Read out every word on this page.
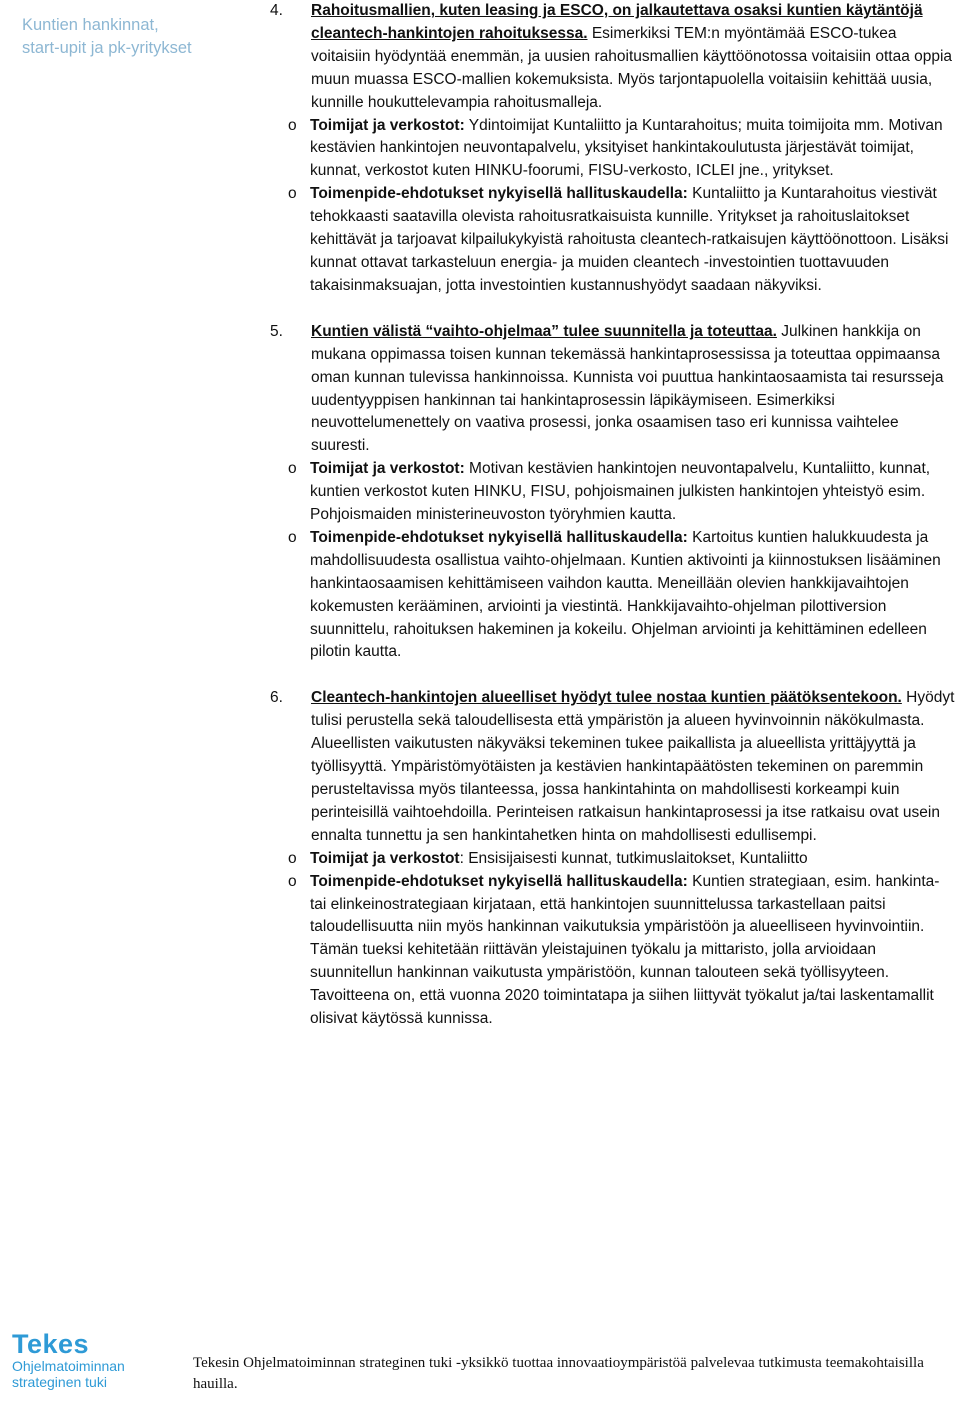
Kuntien hankinnat,
start-upit ja pk-yritykset
4. Rahoitusmallien, kuten leasing ja ESCO, on jalkautettava osaksi kuntien käytäntöjä cleantech-hankintojen rahoituksessa. Esimerkiksi TEM:n myöntämää ESCO-tukea voitaisiin hyödyntää enemmän, ja uusien rahoitusmallien käyttöönotossa voitaisiin ottaa oppia muun muassa ESCO-mallien kokemuksista. Myös tarjontapuolella voitaisiin kehittää uusia, kunnille houkuttelevampia rahoitusmalleja.

o Toimijat ja verkostot: Ydintoimijat Kuntaliitto ja Kuntarahoitus; muita toimijoita mm. Motivan kestävien hankintojen neuvontapalvelu, yksityiset hankintakoulutusta järjestävät toimijat, kunnat, verkostot kuten HINKU-foorumi, FISU-verkosto, ICLEI jne., yritykset.

o Toimenpide-ehdotukset nykyisellä hallituskaudella: Kuntaliitto ja Kuntarahoitus viestivät tehokkaasti saatavilla olevista rahoitusratkaisuista kunnille. Yritykset ja rahoituslaitokset kehittävät ja tarjoavat kilpailukykyistä rahoitusta cleantech-ratkaisujen käyttöönottoon. Lisäksi kunnat ottavat tarkasteluun energia- ja muiden cleantech -investointien tuottavuuden takaisinmaksuajan, jotta investointien kustannushyödyt saadaan näkyviksi.

5. Kuntien välistä “vaihto-ohjelmaa” tulee suunnitella ja toteuttaa. Julkinen hankkija on mukana oppimassa toisen kunnan tekemässä hankintaprosessissa ja toteuttaa oppimaansa oman kunnan tulevissa hankinnoissa. Kunnista voi puuttua hankintaosaamista tai resursseja uudentyyppisen hankinnan tai hankintaprosessin läpikäymiseen. Esimerkiksi neuvottelumenettely on vaativa prosessi, jonka osaamisen taso eri kunnissa vaihtelee suuresti.

o Toimijat ja verkostot: Motivan kestävien hankintojen neuvontapalvelu, Kuntaliitto, kunnat, kuntien verkostot kuten HINKU, FISU, pohjoismainen julkisten hankintojen yhteistyö esim. Pohjoismaiden ministerineuvoston työryhmien kautta.

o Toimenpide-ehdotukset nykyisellä hallituskaudella: Kartoitus kuntien halukkuudesta ja mahdollisuudesta osallistua vaihto-ohjelmaan. Kuntien aktivointi ja kiinnostuksen lisääminen hankintaosaamisen kehittämiseen vaihdon kautta. Meneillään olevien hankkijavaihtojen kokemusten kerääminen, arviointi ja viestintä. Hankkijavaihto-ohjelman pilottiversion suunnittelu, rahoituksen hakeminen ja kokeilu. Ohjelman arviointi ja kehittäminen edelleen pilotin kautta.

6. Cleantech-hankintojen alueelliset hyödyt tulee nostaa kuntien päätöksentekoon. Hyödyt tulisi perustella sekä taloudellisesta että ympäristön ja alueen hyvinvoinnin näkökulmasta. Alueellisten vaikutusten näkyväksi tekeminen tukee paikallista ja alueellista yrittäjyyttä ja työllisyyttä. Ympäristömyötäisten ja kestävien hankintapäätösten tekeminen on paremmin perusteltavissa myös tilanteessa, jossa hankintahinta on mahdollisesti korkeampi kuin perinteisillä vaihtoehdoilla. Perinteisen ratkaisun hankintaprosessi ja itse ratkaisu ovat usein ennalta tunnettu ja sen hankintahetken hinta on mahdollisesti edullisempi.

o Toimijat ja verkostot: Ensisijaisesti kunnat, tutkimuslaitokset, Kuntaliitto

o Toimenpide-ehdotukset nykyisellä hallituskaudella: Kuntien strategiaan, esim. hankinta- tai elinkeinostrategiaan kirjataan, että hankintojen suunnittelussa tarkastellaan paitsi taloudellisuutta niin myös hankinnan vaikutuksia ympäristöön ja alueelliseen hyvinvointiin. Tämän tueksi kehitetään riittävän yleistajuinen työkalu ja mittaristo, jolla arvioidaan suunnitellun hankinnan vaikutusta ympäristöön, kunnan talouteen sekä työllisyyteen. Tavoitteena on, että vuonna 2020 toimintatapa ja siihen liittyvät työkalut ja/tai laskentamallit olisivat käytössä kunnissa.

Tekes
Ohjelmatoiminnan
strateginen tuki
Tekesin Ohjelmatoiminnan strateginen tuki -yksikkö tuottaa innovaatioympäristöä palvelevaa tutkimusta teemakohtaisilla hauilla.
